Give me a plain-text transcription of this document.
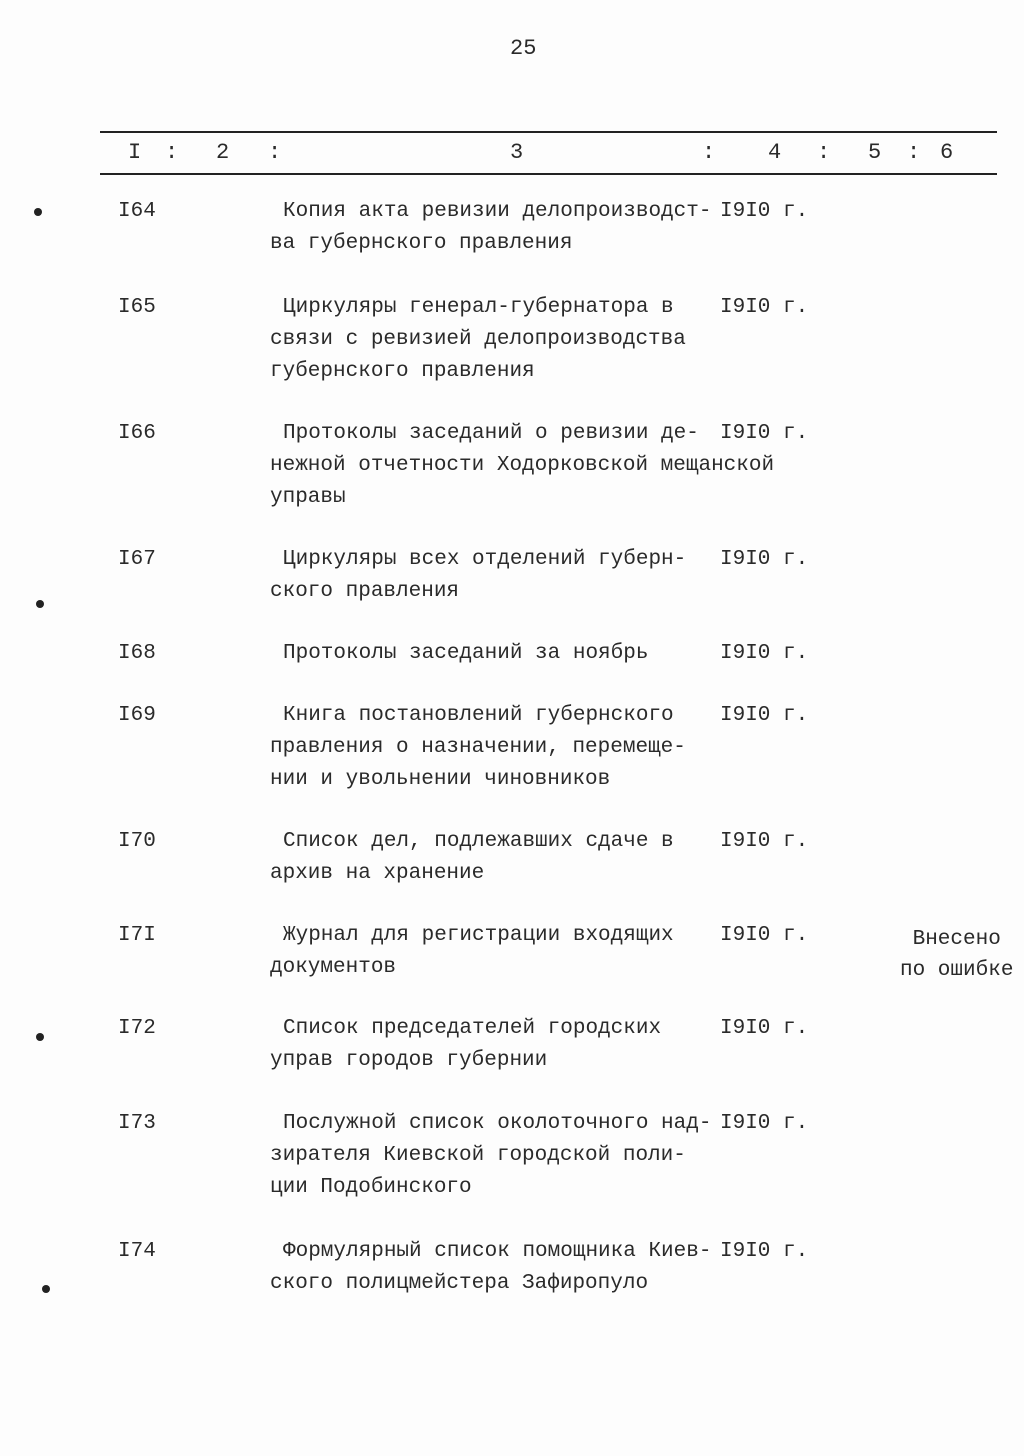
25
I : 2 :	3	: 4 : 5 : 6
I64	Копия акта ревизии делопроизводст-
ва губернского правления
I9I0 г.
I65	Циркуляры генерал-губернатора в
связи с ревизией делопроизводства
губернского правления
I9I0 г.
I66	Протоколы заседаний о ревизии де-
нежной отчетности Ходорковской мещанской
управы
I9I0 г.
I67	Циркуляры всех отделений губерн-
ского правления
I9I0 г.
I68	Протоколы заседаний за ноябрь	I9I0 г.
I69	Книга постановлений губернского
правления о назначении, перемеще-
нии и увольнении чиновников
I9I0 г.
I70	Список дел, подлежавших сдаче в
архив на хранение
I9I0 г.
I7I	Журнал для регистрации входящих
документов
I9I0 г.	Внесено
по ошибке
I72	Список председателей городских
управ городов губернии
I9I0 г.
I73	Послужной список околоточного над-
зирателя Киевской городской поли-
ции Подобинского
I9I0 г.
I74	Формулярный список помощника Киев-
ского полицмейстера Зафиропуло
I9I0 г.
